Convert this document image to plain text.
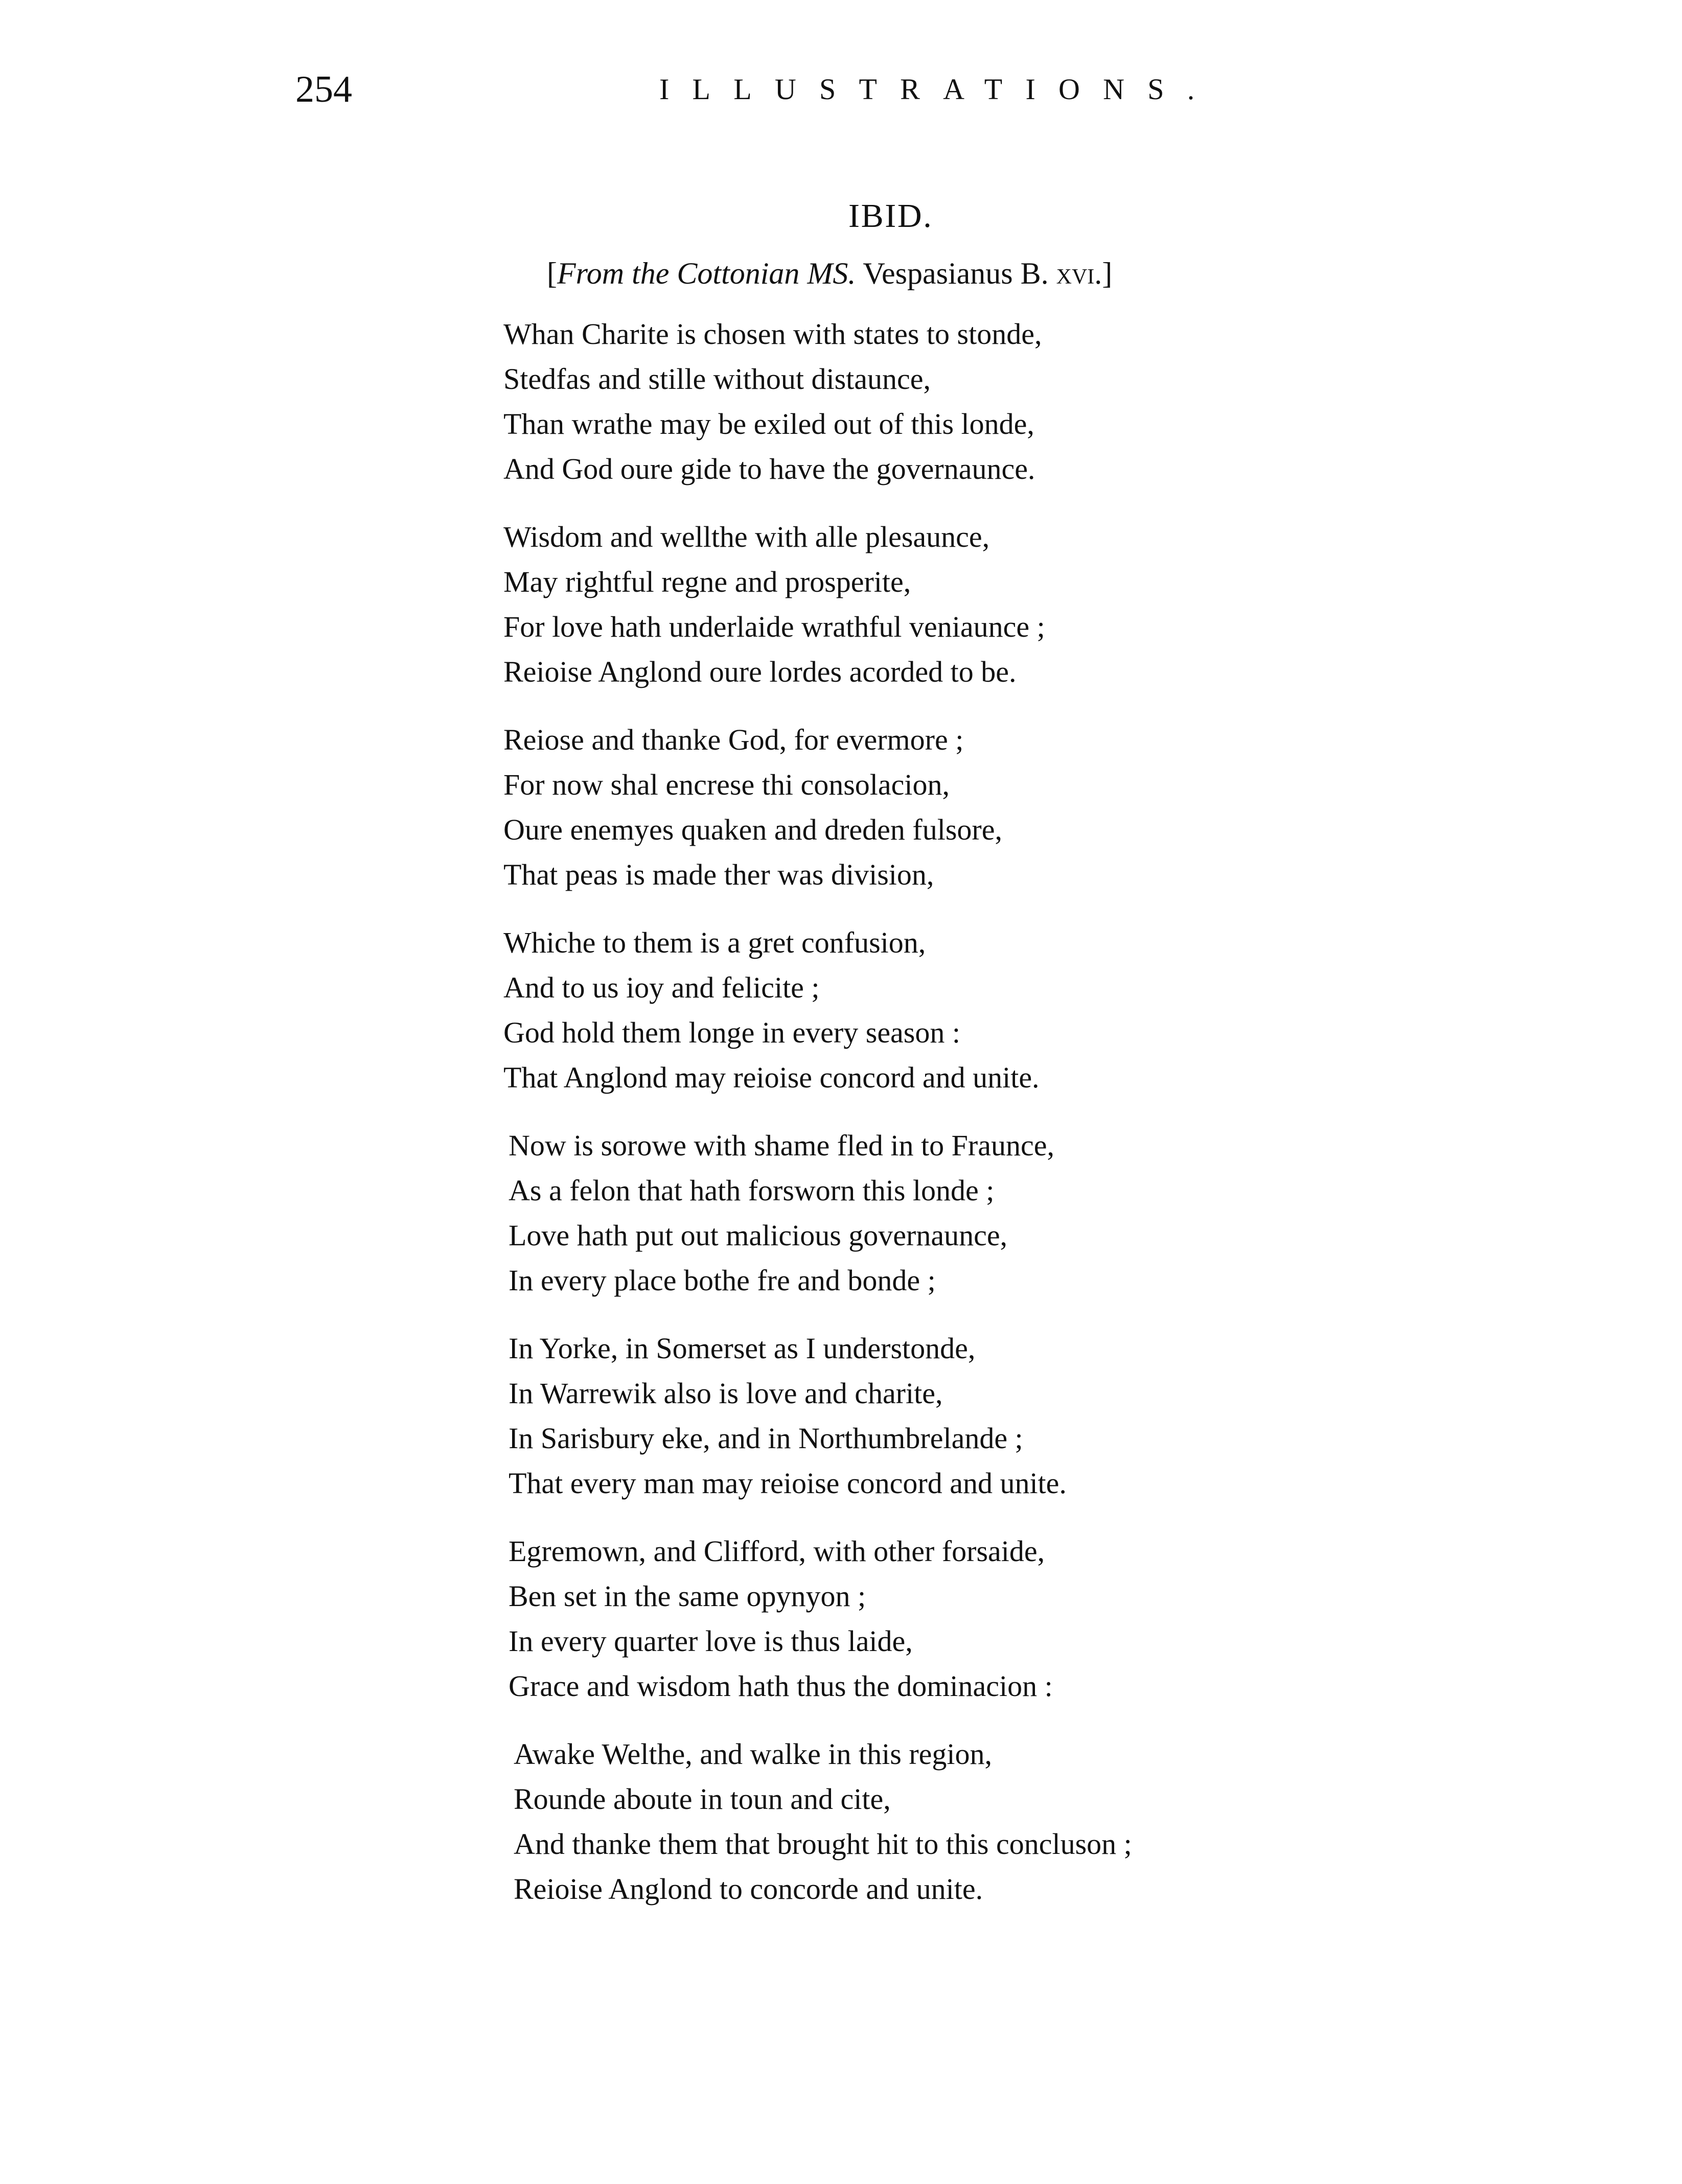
254	ILLUSTRATIONS.
IBID.
[From the Cottonian MS. Vespasianus B. xvi.]
Whan Charite is chosen with states to stonde,
Stedfas and stille without distaunce,
Than wrathe may be exiled out of this londe,
And God oure gide to have the governaunce.
Wisdom and wellthe with alle plesaunce,
May rightful regne and prosperite,
For love hath underlaide wrathful veniaunce ;
Reioise Anglond oure lordes acorded to be.
Reiose and thanke God, for evermore ;
For now shal encrese thi consolacion,
Oure enemyes quaken and dreden fulsore,
That peas is made ther was division,
Whiche to them is a gret confusion,
And to us ioy and felicite ;
God hold them longe in every season :
That Anglond may reioise concord and unite.
Now is sorowe with shame fled in to Fraunce,
As a felon that hath forsworn this londe ;
Love hath put out malicious governaunce,
In every place bothe fre and bonde ;
In Yorke, in Somerset as I understonde,
In Warrewik also is love and charite,
In Sarisbury eke, and in Northumbrelande ;
That every man may reioise concord and unite.
Egremown, and Clifford, with other forsaide,
Ben set in the same opynyon ;
In every quarter love is thus laide,
Grace and wisdom hath thus the dominacion :
Awake Welthe, and walke in this region,
Rounde aboute in toun and cite,
And thanke them that brought hit to this concluson ;
Reioise Anglond to concorde and unite.
